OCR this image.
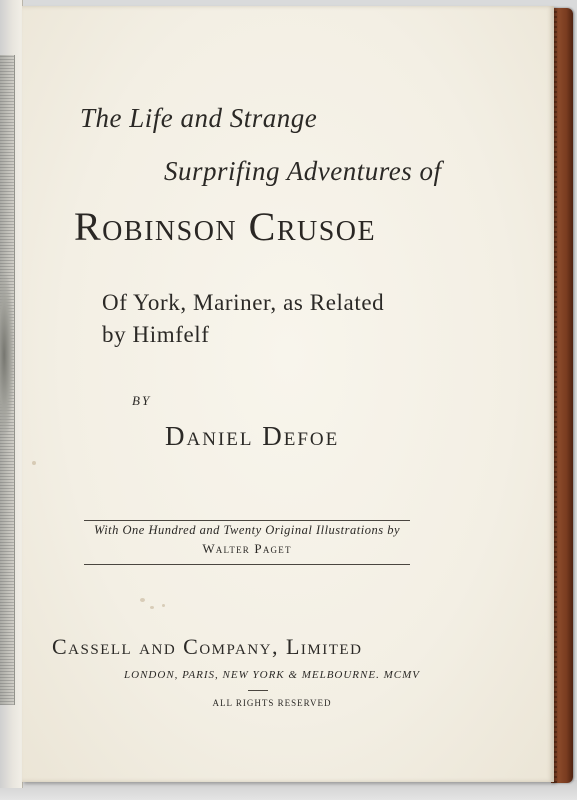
The Life and Strange
Surprifing Adventures of
Robinson Crusoe
Of York, Mariner, as Related
by Himfelf
BY
Daniel Defoe
With One Hundred and Twenty Original Illustrations by
Walter Paget
Cassell and Company, Limited
LONDON, PARIS, NEW YORK & MELBOURNE. MCMV
ALL RIGHTS RESERVED
